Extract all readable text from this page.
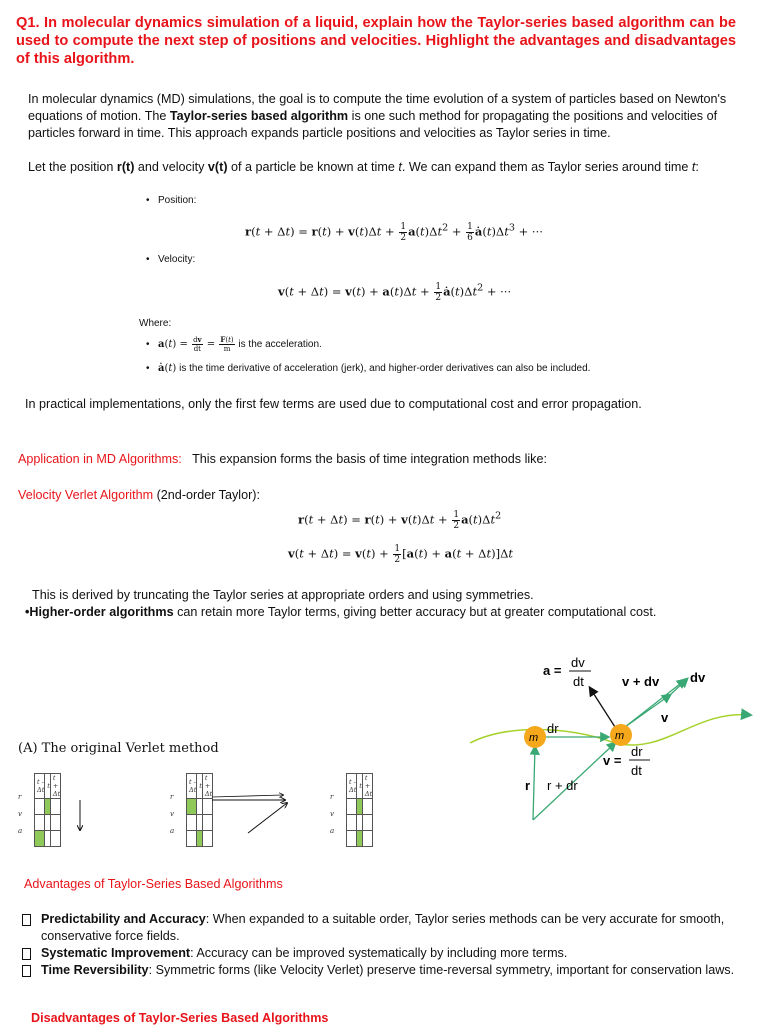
Q1. In molecular dynamics simulation of a liquid, explain how the Taylor-series based algorithm can be used to compute the next step of positions and velocities. Highlight the advantages and disadvantages of this algorithm.
In molecular dynamics (MD) simulations, the goal is to compute the time evolution of a system of particles based on Newton's equations of motion. The Taylor-series based algorithm is one such method for propagating the positions and velocities of particles forward in time. This approach expands particle positions and velocities as Taylor series in time.
Let the position r(t) and velocity v(t) of a particle be known at time t. We can expand them as Taylor series around time t:
• Position:
$r(t + \Delta t) = r(t) + v(t)\Delta t + \frac{1}{2} a(t)\Delta t^2 + \frac{1}{6}$ $ȧ(t)\Delta t^3$ + ···
• Velocity:
$v(t + \Delta t) = v(t) + a(t)\Delta t + \frac{1}{2}$ $ȧ(t)\Delta t^2$ + ···
Where:
• $a(t) = \frac{dv}{dt} = \frac{F(t)}{m}$ is the acceleration.
• ȧ(t) is the time derivative of acceleration (jerk), and higher-order derivatives can also be included.
In practical implementations, only the first few terms are used due to computational cost and error propagation.
Application in MD Algorithms: This expansion forms the basis of time integration methods like:
Velocity Verlet Algorithm (2nd-order Taylor):
$r(t + \Delta t) = r(t) + v(t)\Delta t + \frac{1}{2} a(t)\Delta t^2$
$v(t + \Delta t) = v(t) + \frac{1}{2} [a(t) + a(t + \Delta t)]\Delta t$
This is derived by truncating the Taylor series at appropriate orders and using symmetries.
•Higher-order algorithms can retain more Taylor terms, giving better accuracy but at greater computational cost.
(A) The original Verlet method
r
v
a
t - Δt	t	t + Δt

			r
v
a
t - Δt	t	t + Δt

			r
v
a
t - Δt	t	t + Δt

m	m
dr
a =
dv
dt	v + dv dv
v
v =
dr
dt
r r + dr
Advantages of Taylor-Series Based Algorithms
Predictability and Accuracy: When expanded to a suitable order, Taylor series methods can be very accurate for smooth, conservative force fields.
Systematic Improvement: Accuracy can be improved systematically by including more terms.
Time Reversibility: Symmetric forms (like Velocity Verlet) preserve time-reversal symmetry, important for conservation laws.
Disadvantages of Taylor-Series Based Algorithms
